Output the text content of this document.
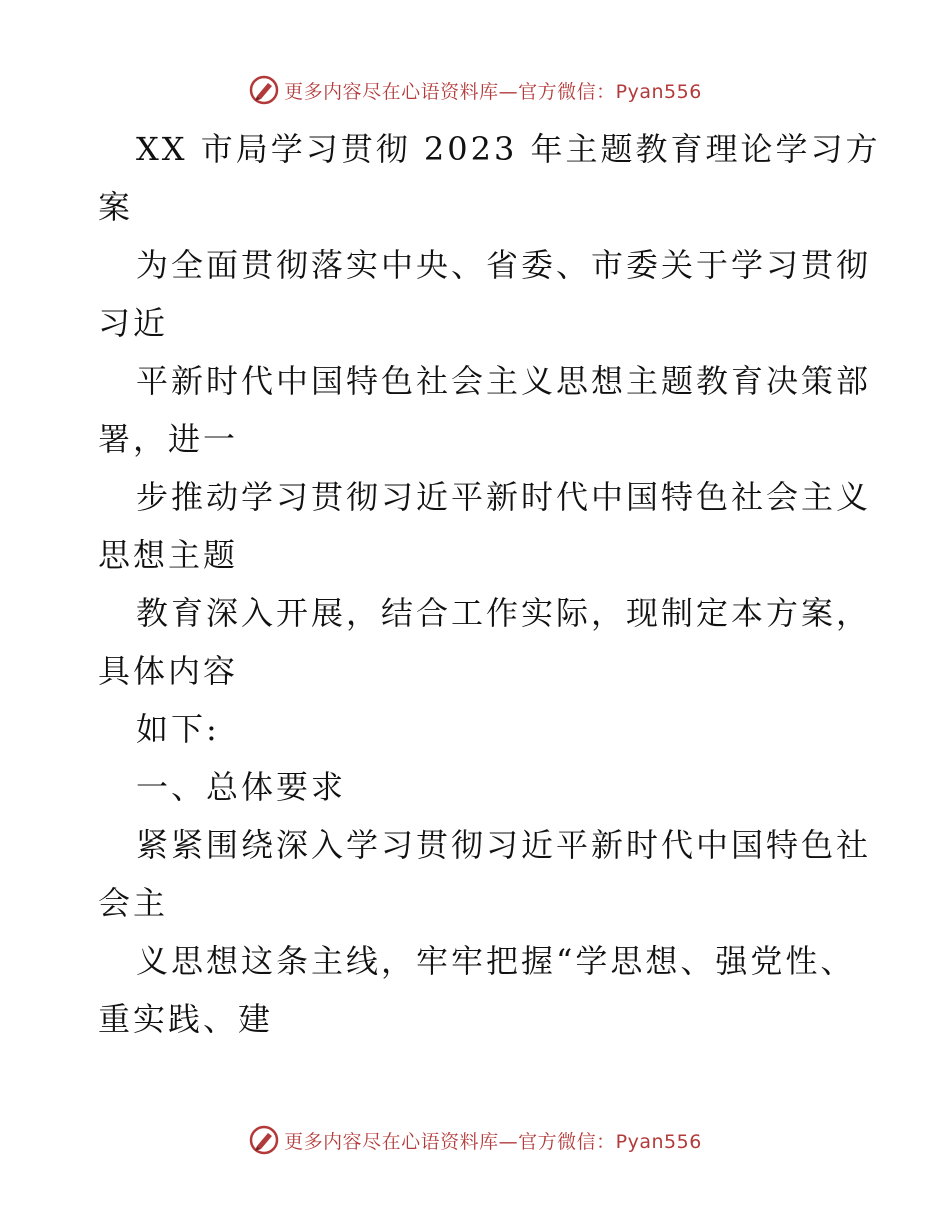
更多内容尽在心语资料库—官方微信：Pyan556
XX 市局学习贯彻 2023 年主题教育理论学习方
案
为全面贯彻落实中央、省委、市委关于学习贯彻
习近
平新时代中国特色社会主义思想主题教育决策部
署，进一
步推动学习贯彻习近平新时代中国特色社会主义
思想主题
教育深入开展，结合工作实际，现制定本方案，
具体内容
如下:
一、总体要求
紧紧围绕深入学习贯彻习近平新时代中国特色社
会主
义思想这条主线，牢牢把握“学思想、强党性、
重实践、建
更多内容尽在心语资料库—官方微信：Pyan556
